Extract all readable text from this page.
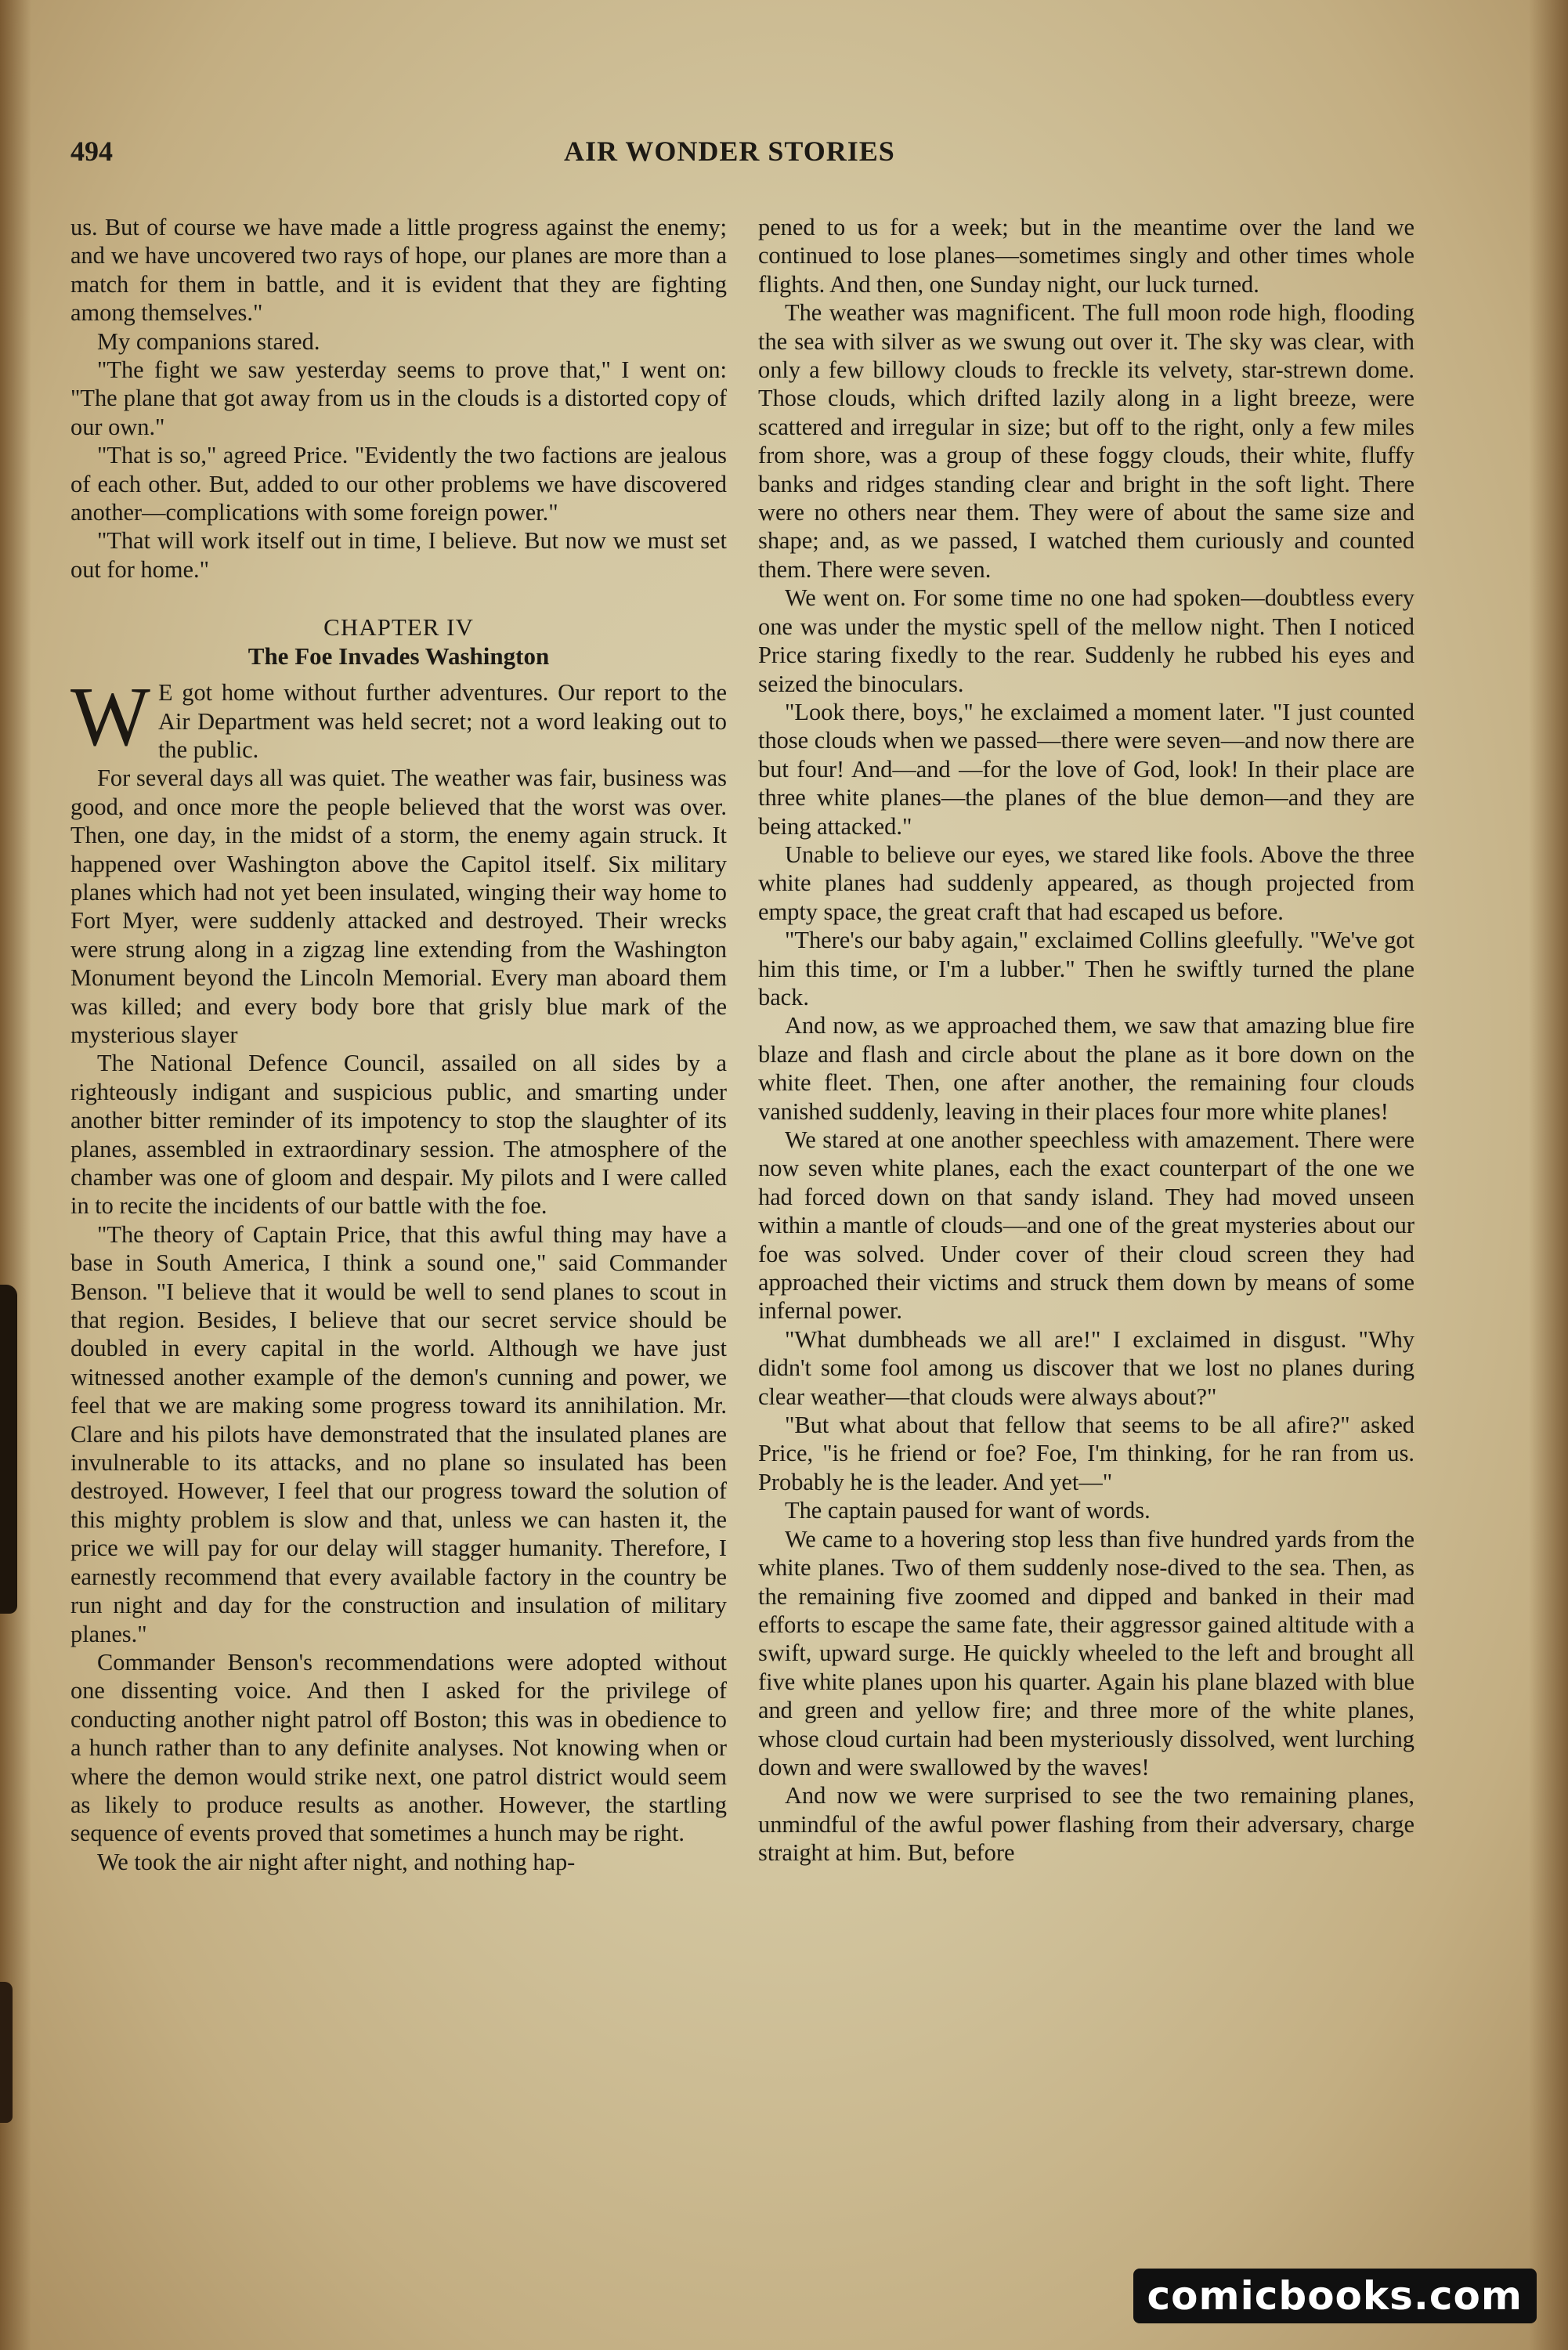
494	AIR WONDER STORIES

us. But of course we have made a little progress against the enemy; and we have uncovered two rays of hope, our planes are more than a match for them in battle, and it is evident that they are fighting among themselves."

My companions stared.

"The fight we saw yesterday seems to prove that," I went on: "The plane that got away from us in the clouds is a distorted copy of our own."

"That is so," agreed Price. "Evidently the two factions are jealous of each other. But, added to our other problems we have discovered another—complications with some foreign power."

"That will work itself out in time, I believe. But now we must set out for home."

CHAPTER IV
The Foe Invades Washington

W E got home without further adventures. Our report to the Air Department was held secret; not a word leaking out to the public.

For several days all was quiet. The weather was fair, business was good, and once more the people believed that the worst was over. Then, one day, in the midst of a storm, the enemy again struck. It happened over Washington above the Capitol itself. Six military planes which had not yet been insulated, winging their way home to Fort Myer, were suddenly attacked and destroyed. Their wrecks were strung along in a zigzag line extending from the Washington Monument beyond the Lincoln Memorial. Every man aboard them was killed; and every body bore that grisly blue mark of the mysterious slayer

The National Defence Council, assailed on all sides by a righteously indigant and suspicious public, and smarting under another bitter reminder of its impotency to stop the slaughter of its planes, assembled in extraordinary session. The atmosphere of the chamber was one of gloom and despair. My pilots and I were called in to recite the incidents of our battle with the foe.

"The theory of Captain Price, that this awful thing may have a base in South America, I think a sound one," said Commander Benson. "I believe that it would be well to send planes to scout in that region. Besides, I believe that our secret service should be doubled in every capital in the world. Although we have just witnessed another example of the demon's cunning and power, we feel that we are making some progress toward its annihilation. Mr. Clare and his pilots have demonstrated that the insulated planes are invulnerable to its attacks, and no plane so insulated has been destroyed. However, I feel that our progress toward the solution of this mighty problem is slow and that, unless we can hasten it, the price we will pay for our delay will stagger humanity. Therefore, I earnestly recommend that every available factory in the country be run night and day for the construction and insulation of military planes."

Commander Benson's recommendations were adopted without one dissenting voice. And then I asked for the privilege of conducting another night patrol off Boston; this was in obedience to a hunch rather than to any definite analyses. Not knowing when or where the demon would strike next, one patrol district would seem as likely to produce results as another. However, the startling sequence of events proved that sometimes a hunch may be right.

We took the air night after night, and nothing hap-

pened to us for a week; but in the meantime over the land we continued to lose planes—sometimes singly and other times whole flights. And then, one Sunday night, our luck turned.

The weather was magnificent. The full moon rode high, flooding the sea with silver as we swung out over it. The sky was clear, with only a few billowy clouds to freckle its velvety, star-strewn dome. Those clouds, which drifted lazily along in a light breeze, were scattered and irregular in size; but off to the right, only a few miles from shore, was a group of these foggy clouds, their white, fluffy banks and ridges standing clear and bright in the soft light. There were no others near them. They were of about the same size and shape; and, as we passed, I watched them curiously and counted them. There were seven.

We went on. For some time no one had spoken—doubtless every one was under the mystic spell of the mellow night. Then I noticed Price staring fixedly to the rear. Suddenly he rubbed his eyes and seized the binoculars.

"Look there, boys," he exclaimed a moment later. "I just counted those clouds when we passed—there were seven—and now there are but four! And—and —for the love of God, look! In their place are three white planes—the planes of the blue demon—and they are being attacked."

Unable to believe our eyes, we stared like fools. Above the three white planes had suddenly appeared, as though projected from empty space, the great craft that had escaped us before.

"There's our baby again," exclaimed Collins gleefully. "We've got him this time, or I'm a lubber." Then he swiftly turned the plane back.

And now, as we approached them, we saw that amazing blue fire blaze and flash and circle about the plane as it bore down on the white fleet. Then, one after another, the remaining four clouds vanished suddenly, leaving in their places four more white planes!

We stared at one another speechless with amazement. There were now seven white planes, each the exact counterpart of the one we had forced down on that sandy island. They had moved unseen within a mantle of clouds—and one of the great mysteries about our foe was solved. Under cover of their cloud screen they had approached their victims and struck them down by means of some infernal power.

"What dumbheads we all are!" I exclaimed in disgust. "Why didn't some fool among us discover that we lost no planes during clear weather—that clouds were always about?"

"But what about that fellow that seems to be all afire?" asked Price, "is he friend or foe? Foe, I'm thinking, for he ran from us. Probably he is the leader. And yet—"

The captain paused for want of words.

We came to a hovering stop less than five hundred yards from the white planes. Two of them suddenly nose-dived to the sea. Then, as the remaining five zoomed and dipped and banked in their mad efforts to escape the same fate, their aggressor gained altitude with a swift, upward surge. He quickly wheeled to the left and brought all five white planes upon his quarter. Again his plane blazed with blue and green and yellow fire; and three more of the white planes, whose cloud curtain had been mysteriously dissolved, went lurching down and were swallowed by the waves!

And now we were surprised to see the two remaining planes, unmindful of the awful power flashing from their adversary, charge straight at him. But, before

comicbooks.com
